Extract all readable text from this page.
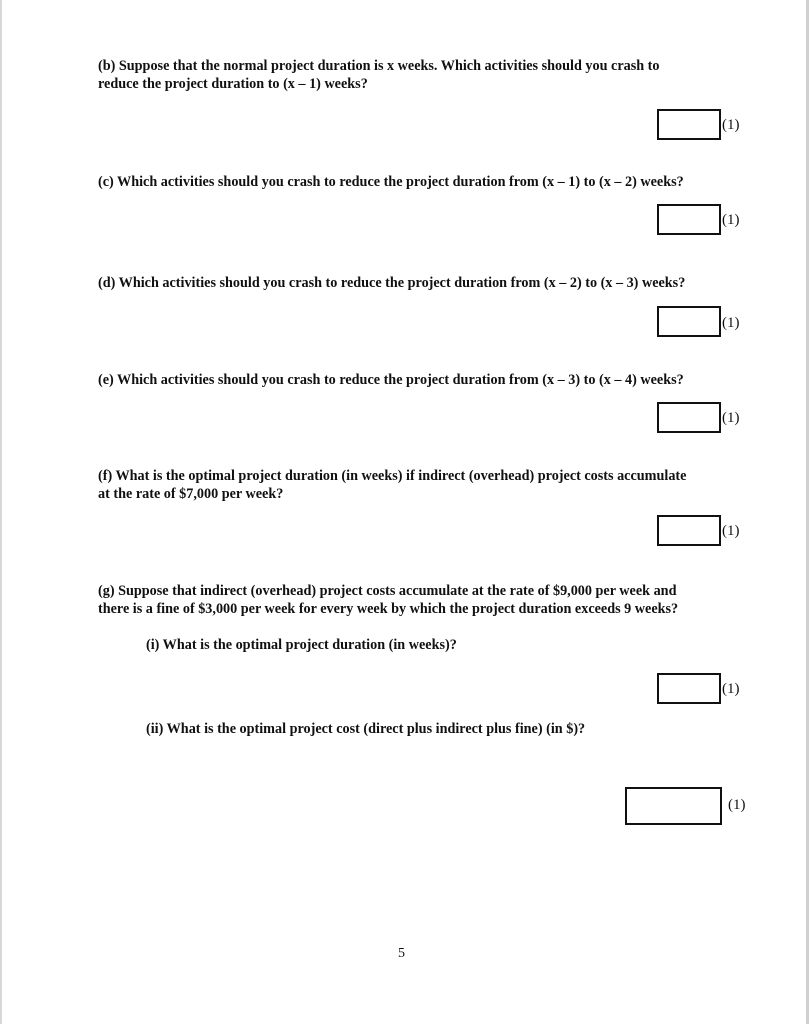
(b) Suppose that the normal project duration is x weeks. Which activities should you crash to
reduce the project duration to (x – 1) weeks?
(1)
(c) Which activities should you crash to reduce the project duration from (x – 1) to (x – 2) weeks?
(1)
(d) Which activities should you crash to reduce the project duration from (x – 2) to (x – 3) weeks?
(1)
(e) Which activities should you crash to reduce the project duration from (x – 3) to (x – 4) weeks?
(1)
(f) What is the optimal project duration (in weeks) if indirect (overhead) project costs accumulate
at the rate of $7,000 per week?
(1)
(g) Suppose that indirect (overhead) project costs accumulate at the rate of $9,000 per week and
there is a fine of $3,000 per week for every week by which the project duration exceeds 9 weeks?
(i) What is the optimal project duration (in weeks)?
(1)
(ii) What is the optimal project cost (direct plus indirect plus fine) (in $)?
(1)
5
